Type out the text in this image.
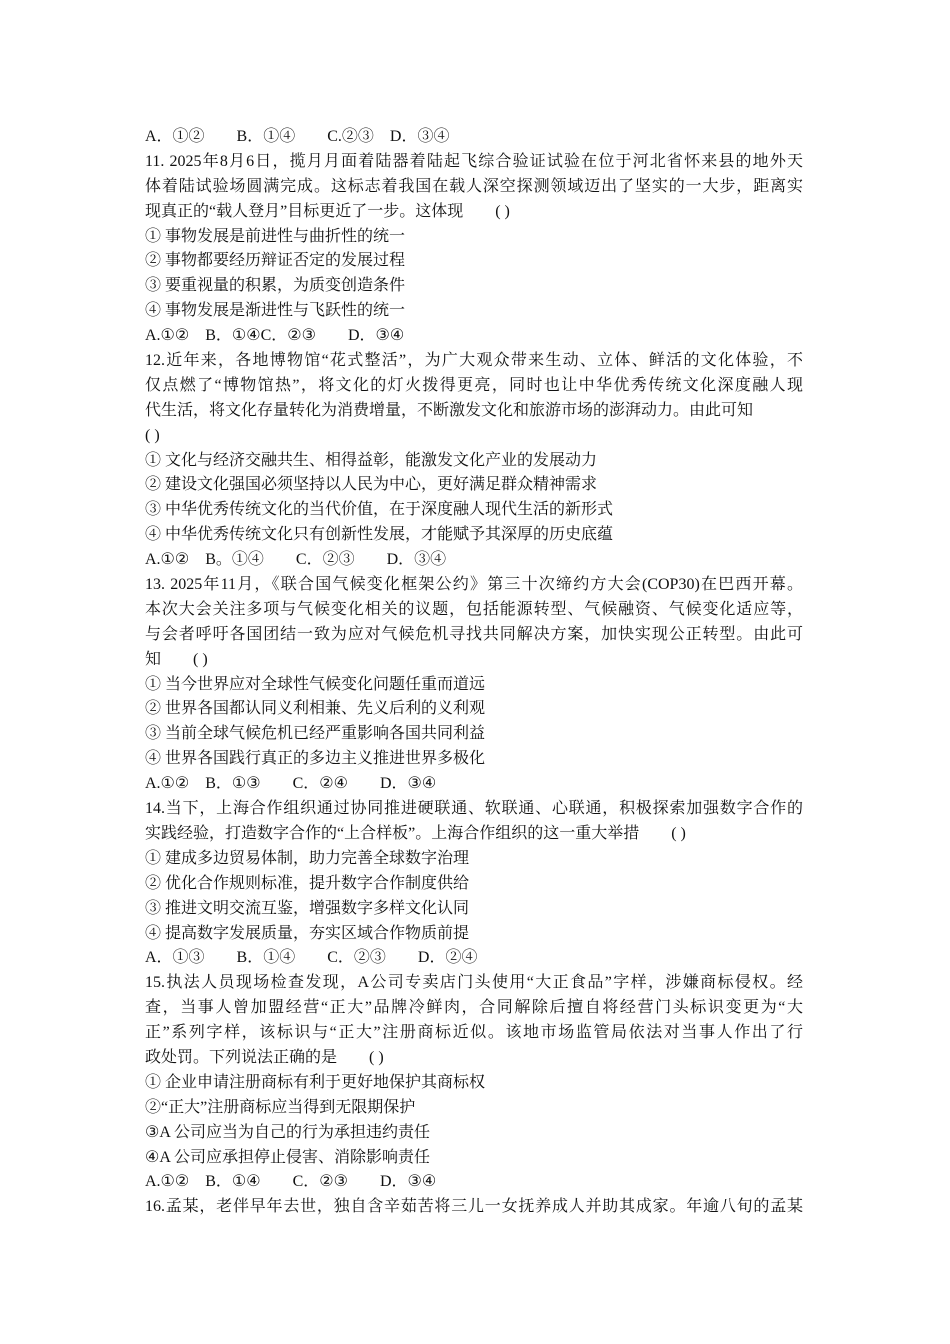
A．①②　　B．①④　　C.②③　D．③④
11. 2025年8月6日，揽月月面着陆器着陆起飞综合验证试验在位于河北省怀来县的地外天
体着陆试验场圆满完成。这标志着我国在载人深空探测领域迈出了坚实的一大步，距离实
现真正的“载人登月”目标更近了一步。这体现 ( )
① 事物发展是前进性与曲折性的统一
② 事物都要经历辩证否定的发展过程
③ 要重视量的积累，为质变创造条件
④ 事物发展是渐进性与飞跃性的统一
A.①②　B．①④C．②③　　D．③④
12.近年来，各地博物馆“花式整活”，为广大观众带来生动、立体、鲜活的文化体验，不
仅点燃了“博物馆热”，将文化的灯火拨得更亮，同时也让中华优秀传统文化深度融人现
代生活，将文化存量转化为消费增量，不断激发文化和旅游市场的澎湃动力。由此可知
( )
① 文化与经济交融共生、相得益彰，能激发文化产业的发展动力
② 建设文化强国必须坚持以人民为中心，更好满足群众精神需求
③ 中华优秀传统文化的当代价值，在于深度融人现代生活的新形式
④ 中华优秀传统文化只有创新性发展，才能赋予其深厚的历史底蕴
A.①②　B。①④　　C．②③　　D．③④
13. 2025年11月，《联合国气候变化框架公约》第三十次缔约方大会(COP30)在巴西开幕。
本次大会关注多项与气候变化相关的议题，包括能源转型、气候融资、气候变化适应等，
与会者呼吁各国团结一致为应对气候危机寻找共同解决方案，加快实现公正转型。由此可
知 ( )
① 当今世界应对全球性气候变化问题任重而道远
② 世界各国都认同义利相兼、先义后利的义利观
③ 当前全球气候危机已经严重影响各国共同利益
④ 世界各国践行真正的多边主义推进世界多极化
A.①②　B．①③　　C．②④　　D．③④
14.当下，上海合作组织通过协同推进硬联通、软联通、心联通，积极探索加强数字合作的
实践经验，打造数字合作的“上合样板”。上海合作组织的这一重大举措 ( )
① 建成多边贸易体制，助力完善全球数字治理
② 优化合作规则标准，提升数字合作制度供给
③ 推进文明交流互鉴，增强数字多样文化认同
④ 提高数字发展质量，夯实区域合作物质前提
A．①③　　B．①④　　C．②③　　D．②④
15.执法人员现场检查发现，A公司专卖店门头使用“大正食品”字样，涉嫌商标侵权。经
查，当事人曾加盟经营“正大”品牌冷鲜肉，合同解除后擅自将经营门头标识变更为“大
正”系列字样，该标识与“正大”注册商标近似。该地市场监管局依法对当事人作出了行
政处罚。下列说法正确的是 ( )
① 企业申请注册商标有利于更好地保护其商标权
②“正大”注册商标应当得到无限期保护
③A 公司应当为自己的行为承担违约责任
④A 公司应承担停止侵害、消除影响责任
A.①②　B．①④　　C．②③　　D．③④
16.孟某，老伴早年去世，独自含辛茹苦将三儿一女抚养成人并助其成家。年逾八旬的孟某
